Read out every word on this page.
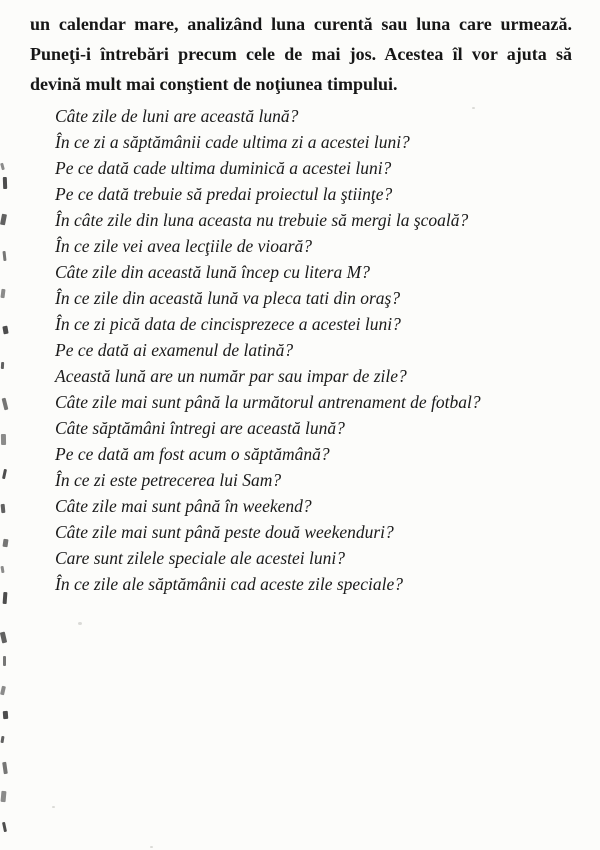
un calendar mare, analizând luna curentă sau luna care urmează.
Puneţi-i întrebări precum cele de mai jos. Acestea îl vor ajuta să
devină mult mai conştient de noţiunea timpului.
Câte zile de luni are această lună?
În ce zi a săptămânii cade ultima zi a acestei luni?
Pe ce dată cade ultima duminică a acestei luni?
Pe ce dată trebuie să predai proiectul la ştiinţe?
În câte zile din luna aceasta nu trebuie să mergi la şcoală?
În ce zile vei avea lecţiile de vioară?
Câte zile din această lună încep cu litera M?
În ce zile din această lună va pleca tati din oraş?
În ce zi pică data de cincisprezece a acestei luni?
Pe ce dată ai examenul de latină?
Această lună are un număr par sau impar de zile?
Câte zile mai sunt până la următorul antrenament de fotbal?
Câte săptămâni întregi are această lună?
Pe ce dată am fost acum o săptămână?
În ce zi este petrecerea lui Sam?
Câte zile mai sunt până în weekend?
Câte zile mai sunt până peste două weekenduri?
Care sunt zilele speciale ale acestei luni?
În ce zile ale săptămânii cad aceste zile speciale?
